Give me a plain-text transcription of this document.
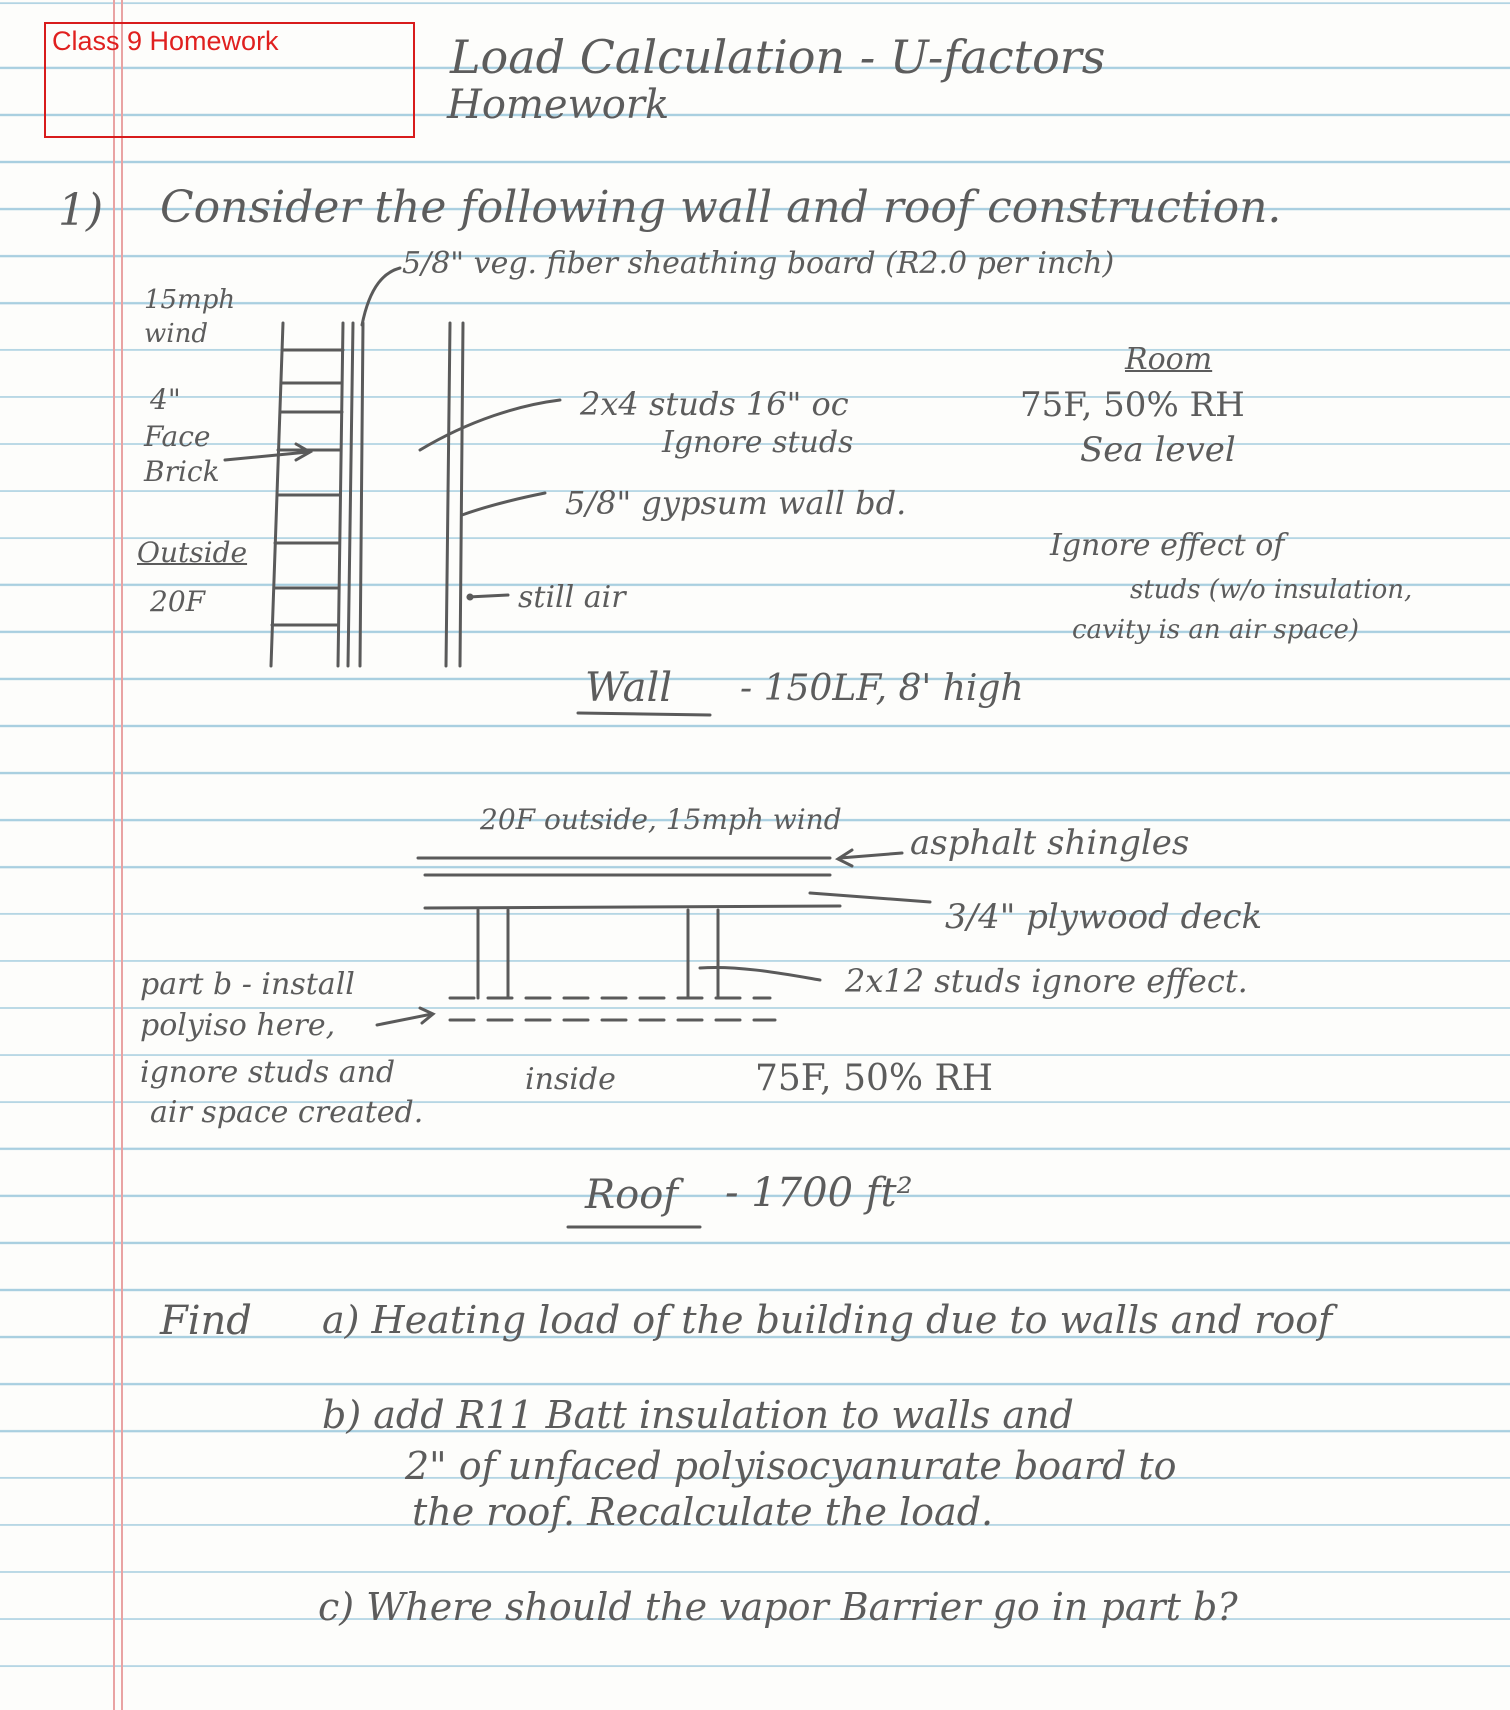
Class 9 Homework	Load Calculation - U-factors
Homework
1) Consider the following wall and roof construction.
5/8" veg. fiber sheathing board (R2.0 per inch)
15mph wind
4"
Face
Brick
Outside
20F
2x4 studs 16" oc
Ignore studs
5/8" gypsum wall bd.
still air
Room
75F, 50% RH
Sea level
Ignore effect of
studs (w/o insulation,
cavity is an air space)
Wall - 150LF, 8' high
20F outside, 15mph wind
asphalt shingles
3/4" plywood deck
2x12 studs ignore effect.
part b - install
polyiso here,
ignore studs and
air space created.
inside	75F, 50% RH
Roof - 1700 ft²
Find a) Heating load of the building due to walls and roof
b) add R11 Batt insulation to walls and
2" of unfaced polyisocyanurate board to
the roof. Recalculate the load.
c) Where should the vapor Barrier go in part b?
